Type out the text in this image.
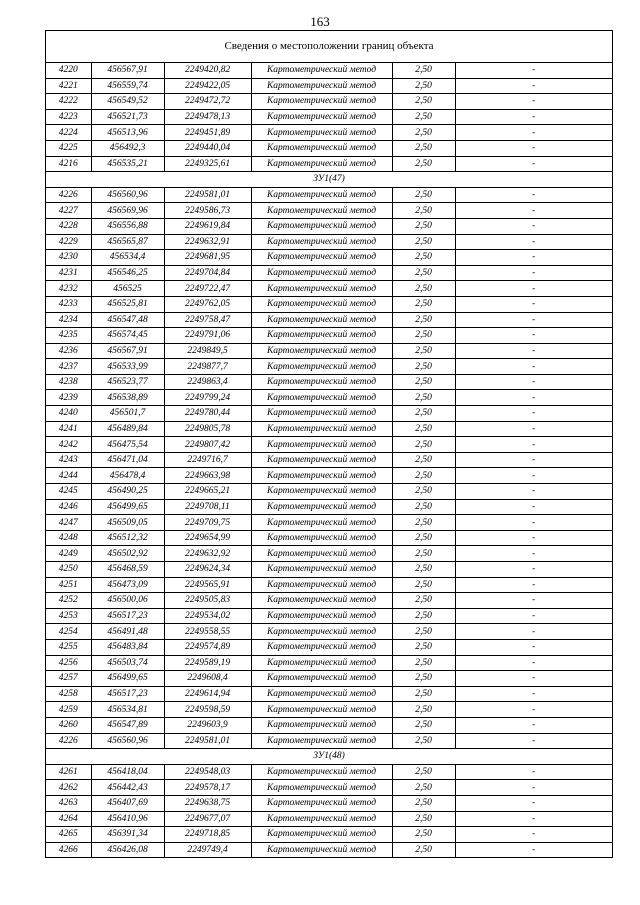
163
Сведения о местоположении границ объекта
4220	456567,91	2249420,82	Картометрический метод	2,50	-
4221	456559,74	2249422,05	Картометрический метод	2,50	-
4222	456549,52	2249472,72	Картометрический метод	2,50	-
4223	456521,73	2249478,13	Картометрический метод	2,50	-
4224	456513,96	2249451,89	Картометрический метод	2,50	-
4225	456492,3	2249440,04	Картометрический метод	2,50	-
4216	456535,21	2249325,61	Картометрический метод	2,50	-
ЗУ1(47)					
4226	456560,96	2249581,01	Картометрический метод	2,50	-
4227	456569,96	2249586,73	Картометрический метод	2,50	-
4228	456556,88	2249619,84	Картометрический метод	2,50	-
4229	456565,87	2249632,91	Картометрический метод	2,50	-
4230	456534,4	2249681,95	Картометрический метод	2,50	-
4231	456546,25	2249704,84	Картометрический метод	2,50	-
4232	456525	2249722,47	Картометрический метод	2,50	-
4233	456525,81	2249762,05	Картометрический метод	2,50	-
4234	456547,48	2249758,47	Картометрический метод	2,50	-
4235	456574,45	2249791,06	Картометрический метод	2,50	-
4236	456567,91	2249849,5	Картометрический метод	2,50	-
4237	456533,99	2249877,7	Картометрический метод	2,50	-
4238	456523,77	2249863,4	Картометрический метод	2,50	-
4239	456538,89	2249799,24	Картометрический метод	2,50	-
4240	456501,7	2249780,44	Картометрический метод	2,50	-
4241	456489,84	2249805,78	Картометрический метод	2,50	-
4242	456475,54	2249807,42	Картометрический метод	2,50	-
4243	456471,04	2249716,7	Картометрический метод	2,50	-
4244	456478,4	2249663,98	Картометрический метод	2,50	-
4245	456490,25	2249665,21	Картометрический метод	2,50	-
4246	456499,65	2249708,11	Картометрический метод	2,50	-
4247	456509,05	2249709,75	Картометрический метод	2,50	-
4248	456512,32	2249654,99	Картометрический метод	2,50	-
4249	456502,92	2249632,92	Картометрический метод	2,50	-
4250	456468,59	2249624,34	Картометрический метод	2,50	-
4251	456473,09	2249565,91	Картометрический метод	2,50	-
4252	456500,06	2249505,83	Картометрический метод	2,50	-
4253	456517,23	2249534,02	Картометрический метод	2,50	-
4254	456491,48	2249558,55	Картометрический метод	2,50	-
4255	456483,84	2249574,89	Картометрический метод	2,50	-
4256	456503,74	2249589,19	Картометрический метод	2,50	-
4257	456499,65	2249608,4	Картометрический метод	2,50	-
4258	456517,23	2249614,94	Картометрический метод	2,50	-
4259	456534,81	2249598,59	Картометрический метод	2,50	-
4260	456547,89	2249603,9	Картометрический метод	2,50	-
4226	456560,96	2249581,01	Картометрический метод	2,50	-
ЗУ1(48)					
4261	456418,04	2249548,03	Картометрический метод	2,50	-
4262	456442,43	2249578,17	Картометрический метод	2,50	-
4263	456407,69	2249638,75	Картометрический метод	2,50	-
4264	456410,96	2249677,07	Картометрический метод	2,50	-
4265	456391,34	2249718,85	Картометрический метод	2,50	-
4266	456426,08	2249749,4	Картометрический метод	2,50	-
